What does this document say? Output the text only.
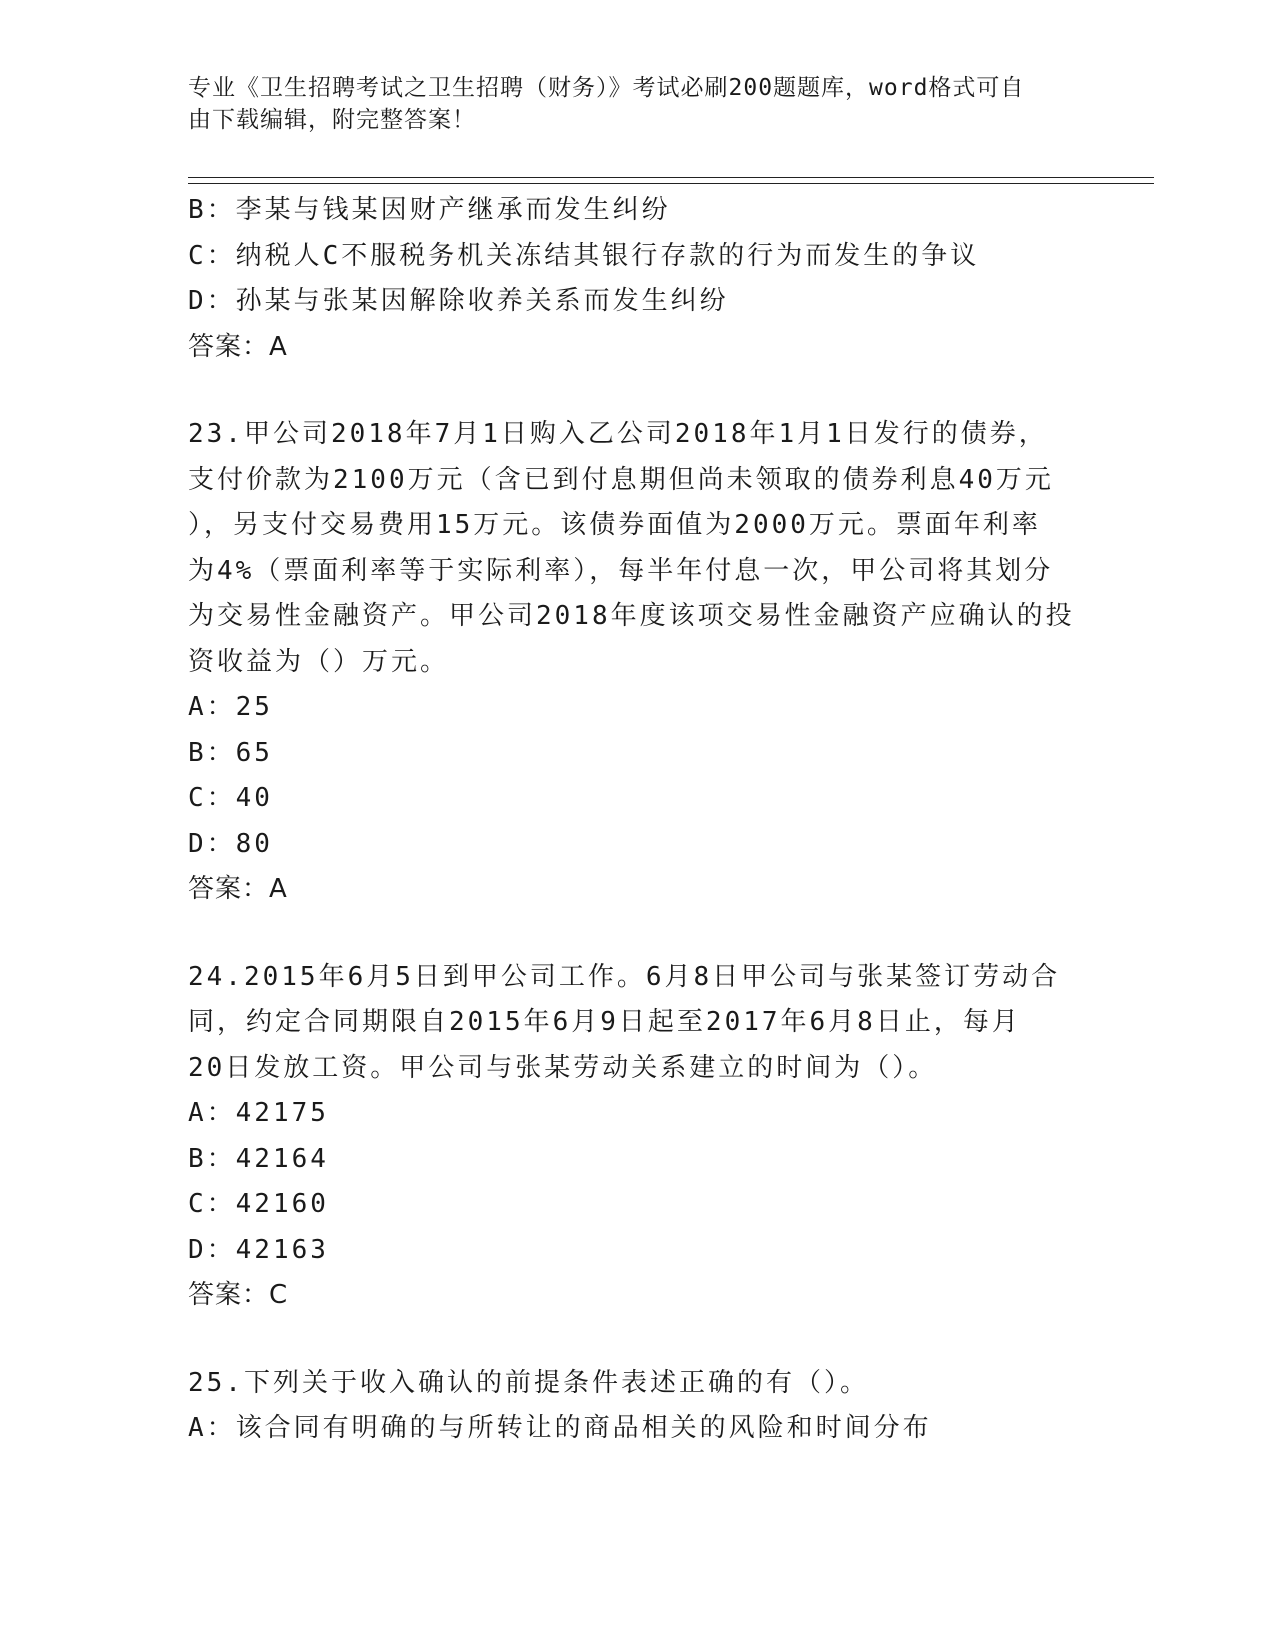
专业《卫生招聘考试之卫生招聘（财务）》考试必刷200题题库，word格式可自
由下载编辑，附完整答案！
B：李某与钱某因财产继承而发生纠纷
C：纳税人C不服税务机关冻结其银行存款的行为而发生的争议
D：孙某与张某因解除收养关系而发生纠纷
答案：A
23.甲公司2018年7月1日购入乙公司2018年1月1日发行的债券，
支付价款为2100万元（含已到付息期但尚未领取的债券利息40万元
），另支付交易费用15万元。该债券面值为2000万元。票面年利率
为4%（票面利率等于实际利率），每半年付息一次，甲公司将其划分
为交易性金融资产。甲公司2018年度该项交易性金融资产应确认的投
资收益为（）万元。
A：25
B：65
C：40
D：80
答案：A
24.2015年6月5日到甲公司工作。6月8日甲公司与张某签订劳动合
同，约定合同期限自2015年6月9日起至2017年6月8日止，每月
20日发放工资。甲公司与张某劳动关系建立的时间为（）。
A：42175
B：42164
C：42160
D：42163
答案：C
25.下列关于收入确认的前提条件表述正确的有（）。
A：该合同有明确的与所转让的商品相关的风险和时间分布
